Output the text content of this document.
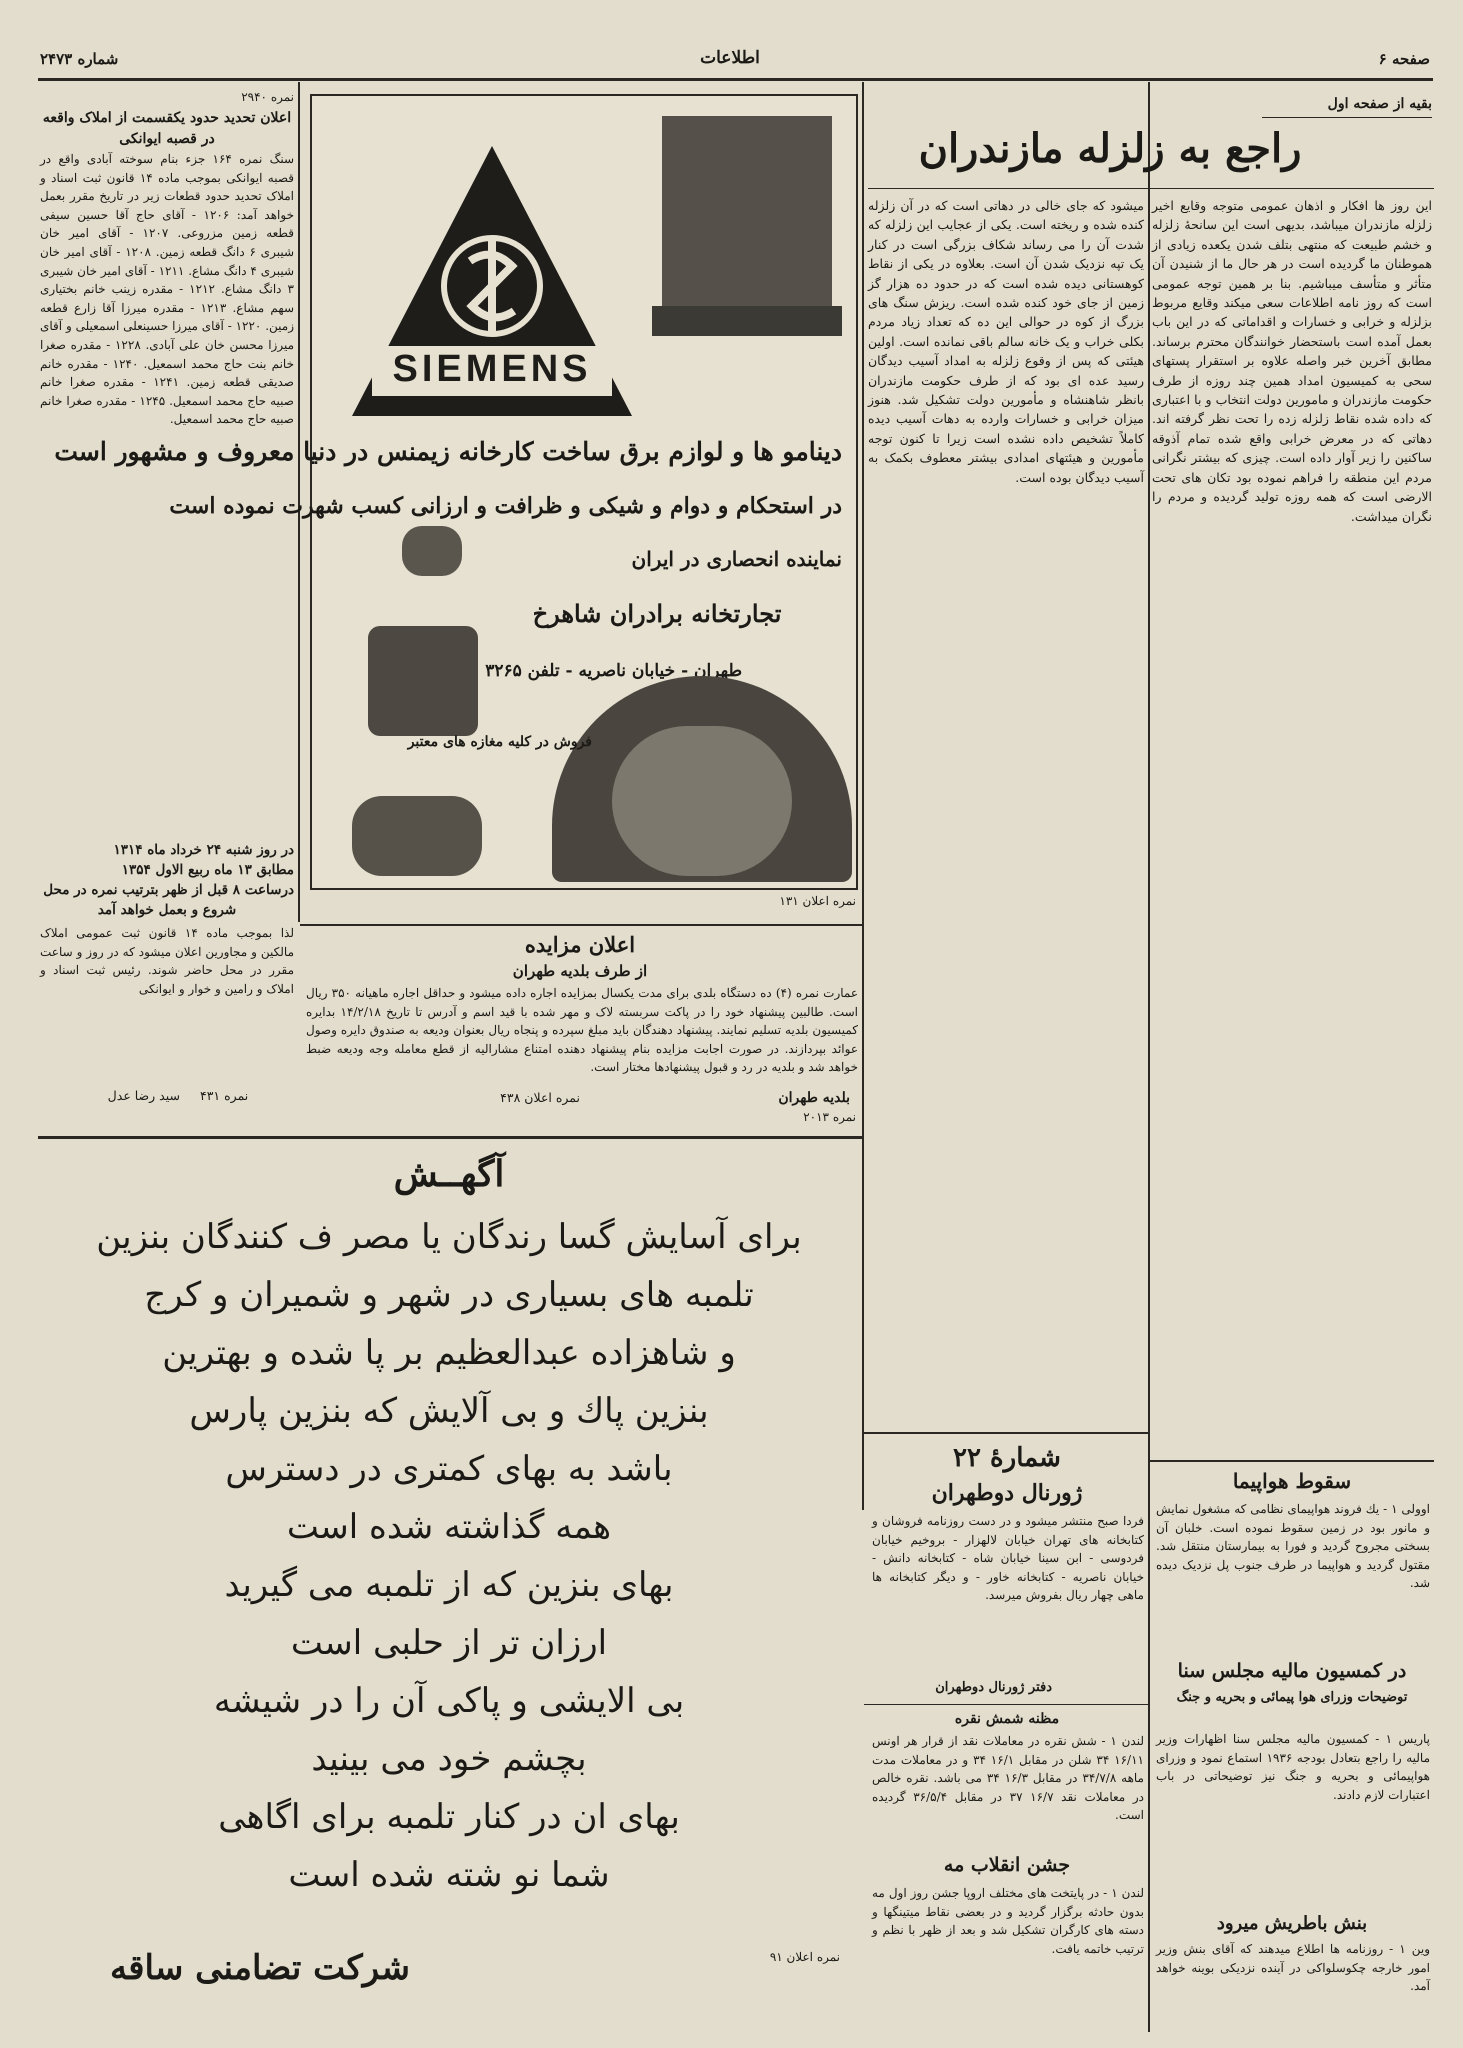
شماره ۲۴۷۳	اطلاعات	صفحه ۶
بقیه از صفحه اول
راجع به زلزله مازندران
این روز ها افکار و اذهان عمومی متوجه وقایع اخیر زلزله مازندران میباشد، بدیهی است این سانحهٔ زلزله و خشم طبیعت که منتهی بتلف شدن یکعده زیادی از هموطنان ما گردیده است در هر حال ما از شنیدن آن متأثر و متأسف میباشیم. بنا بر همین توجه عمومی است که روز نامه اطلاعات سعی میکند وقایع مربوط بزلزله و خرابی و خسارات و اقداماتی که در این باب بعمل آمده است باستحضار خوانندگان محترم برساند. مطابق آخرین خبر واصله علاوه بر استقرار پستهای سحی به کمیسیون امداد همین چند روزه از طرف حکومت مازندران و مامورین دولت انتخاب و با اعتباری که داده شده نقاط زلزله زده را تحت نظر گرفته اند. دهاتی که در معرض خرابی واقع شده تمام آذوقه ساکنین را زیر آوار داده است. چیزی که بیشتر نگرانی مردم این منطقه را فراهم نموده بود تکان های تحت الارضی است که همه روزه تولید گردیده و مردم را نگران میداشت.
میشود که جای خالی در دهاتی است که در آن زلزله کنده شده و ریخته است. یکی از عجایب این زلزله که شدت آن را می رساند شکاف بزرگی است در کنار یک تپه نزدیک شدن آن است. بعلاوه در یکی از نقاط کوهستانی دیده شده است که در حدود ده هزار گز زمین از جای خود کنده شده است. ریزش سنگ های بزرگ از کوه در حوالی این ده که تعداد زیاد مردم بکلی خراب و یک خانه سالم باقی نمانده است. اولین هیئتی که پس از وقوع زلزله به امداد آسیب دیدگان رسید عده ای بود که از طرف حکومت مازندران بانظر شاهنشاه و مأمورین دولت تشکیل شد. هنوز میزان خرابی و خسارات وارده به دهات آسیب دیده کاملاً تشخیص داده نشده است زیرا تا کنون توجه مأمورین و هیئتهای امدادی بیشتر معطوف بکمک به آسیب دیدگان بوده است.
SIEMENS
دینامو ها و لوازم برق ساخت کارخانه زیمنس در دنیا معروف و مشهور است
در استحکام و دوام و شیکی و ظرافت و ارزانی کسب شهرت نموده است
نماینده انحصاری در ایران
تجارتخانه برادران شاهرخ
طهران - خیابان ناصریه - تلفن ۳۲۶۵
فروش در کلیه مغازه های معتبر
نمره اعلان ۱۳۱
نمره ۲۹۴۰
اعلان تحدید حدود یکقسمت از املاک واقعه در قصبه ایوانکی
سنگ نمره ۱۶۴ جزء بنام سوخته آبادی واقع در قصبه ایوانکی بموجب ماده ۱۴ قانون ثبت اسناد و املاک تحدید حدود قطعات زیر در تاریخ مقرر بعمل خواهد آمد: ۱۲۰۶ - آقای حاج آقا حسین سیفی قطعه زمین مزروعی. ۱۲۰۷ - آقای امیر خان شیبری ۶ دانگ قطعه زمین. ۱۲۰۸ - آقای امیر خان شیبری ۴ دانگ مشاع. ۱۲۱۱ - آقای امیر خان شیبری ۳ دانگ مشاع. ۱۲۱۲ - مقدره زینب خانم بختیاری سهم مشاع. ۱۲۱۳ - مقدره میرزا آقا زارع قطعه زمین. ۱۲۲۰ - آقای میرزا حسینعلی اسمعیلی و آقای میرزا محسن خان علی آبادی. ۱۲۲۸ - مقدره صغرا خانم بنت حاج محمد اسمعیل. ۱۲۴۰ - مقدره خانم صدیقی قطعه زمین. ۱۲۴۱ - مقدره صغرا خانم صبیه حاج محمد اسمعیل. ۱۲۴۵ - مقدره صغرا خانم صبیه حاج محمد اسمعیل.
در روز شنبه ۲۴ خرداد ماه ۱۳۱۴
مطابق ۱۳ ماه ربیع الاول ۱۳۵۴
درساعت ۸ قبل از ظهر بترتیب نمره در محل
شروع و بعمل خواهد آمد
لذا بموجب ماده ۱۴ قانون ثبت عمومی املاک مالکین و مجاورین اعلان میشود که در روز و ساعت مقرر در محل حاضر شوند. رئیس ثبت اسناد و املاک و رامین و خوار و ایوانکی
سید رضا عدل نمره ۴۳۱
اعلان مزایده
از طرف بلدیه طهران
عمارت نمره (۴) ده دستگاه بلدی برای مدت یکسال بمزایده اجاره داده میشود و حداقل اجاره ماهیانه ۳۵۰ ریال است. طالبین پیشنهاد خود را در پاکت سربسته لاک و مهر شده با قید اسم و آدرس تا تاریخ ۱۴/۲/۱۸ بدایره کمیسیون بلدیه تسلیم نمایند. پیشنهاد دهندگان باید مبلغ سپرده و پنجاه ریال بعنوان ودیعه به صندوق دایره وصول عوائد بپردازند. در صورت اجابت مزایده بنام پیشنهاد دهنده امتناع مشارالیه از قطع معامله وجه ودیعه ضبط خواهد شد و بلدیه در رد و قبول پیشنهادها مختار است.
بلدیه طهران
نمره اعلان ۴۳۸
نمره ۲۰۱۳
آگهــش
برای آسایش گسا رندگان یا مصر ف کنندگان بنزین
تلمبه های بسیاری در شهر و شمیران و کرج
و شاهزاده عبدالعظیم بر پا شده و بهترین
بنزین پاك و بی آلایش که بنزین پارس
باشد به بهای کمتری در دسترس
همه گذاشته شده است
بهای بنزین که از تلمبه می گیرید
ارزان تر از حلبی است
بی الایشی و پاکی آن را در شیشه
بچشم خود می بینید
بهای ان در کنار تلمبه برای اگاهی
شما نو شته شده است
شرکت تضامنی ساقه	نمره اعلان ۹۱
شمارهٔ ۲۲
ژورنال دوطهران
فردا صبح منتشر میشود و در دست روزنامه فروشان و کتابخانه های تهران خیابان لالهزار - بروخیم خیابان فردوسی - ابن سینا خیابان شاه - کتابخانه دانش - خیابان ناصریه - کتابخانه خاور - و دیگر کتابخانه ها ماهی چهار ریال بفروش میرسد.
دفتر ژورنال دوطهران
مظنه شمش نقره
لندن ۱ - شش نقره در معاملات نقد از قرار هر اونس ۱۶/۱۱ ۳۴ شلن در مقابل ۱۶/۱ ۳۴ و در معاملات مدت ماهه ۳۴/۷/۸ در مقابل ۱۶/۳ ۳۴ می باشد. نقره خالص در معاملات نقد ۱۶/۷ ۳۷ در مقابل ۳۶/۵/۴ گردیده است.
جشن انقلاب مه
لندن ۱ - در پایتخت های مختلف اروپا جشن روز اول مه بدون حادثه برگزار گردید و در بعضی نقاط میتینگها و دسته های کارگران تشکیل شد و بعد از ظهر با نظم و ترتیب خاتمه یافت.
سقوط هواپیما
اوولی ۱ - یك فروند هواپیمای نظامی که مشغول نمایش و مانور بود در زمین سقوط نموده است. خلبان آن بسختی مجروح گردید و فورا به بیمارستان منتقل شد. مقتول گردید و هواپیما در طرف جنوب پل نزدیک دیده شد.
در کمسیون مالیه مجلس سنا
توضیحات وزرای هوا پیمائی و بحریه و جنگ
پاریس ۱ - کمسیون مالیه مجلس سنا اظهارات وزیر مالیه را راجع بتعادل بودجه ۱۹۳۶ استماع نمود و وزرای هواپیمائی و بحریه و جنگ نیز توضیحاتی در باب اعتبارات لازم دادند.
بنش باطریش میرود
وین ۱ - روزنامه ها اطلاع میدهند که آقای بنش وزیر امور خارجه چکوسلواکی در آینده نزدیکی بوینه خواهد آمد.
